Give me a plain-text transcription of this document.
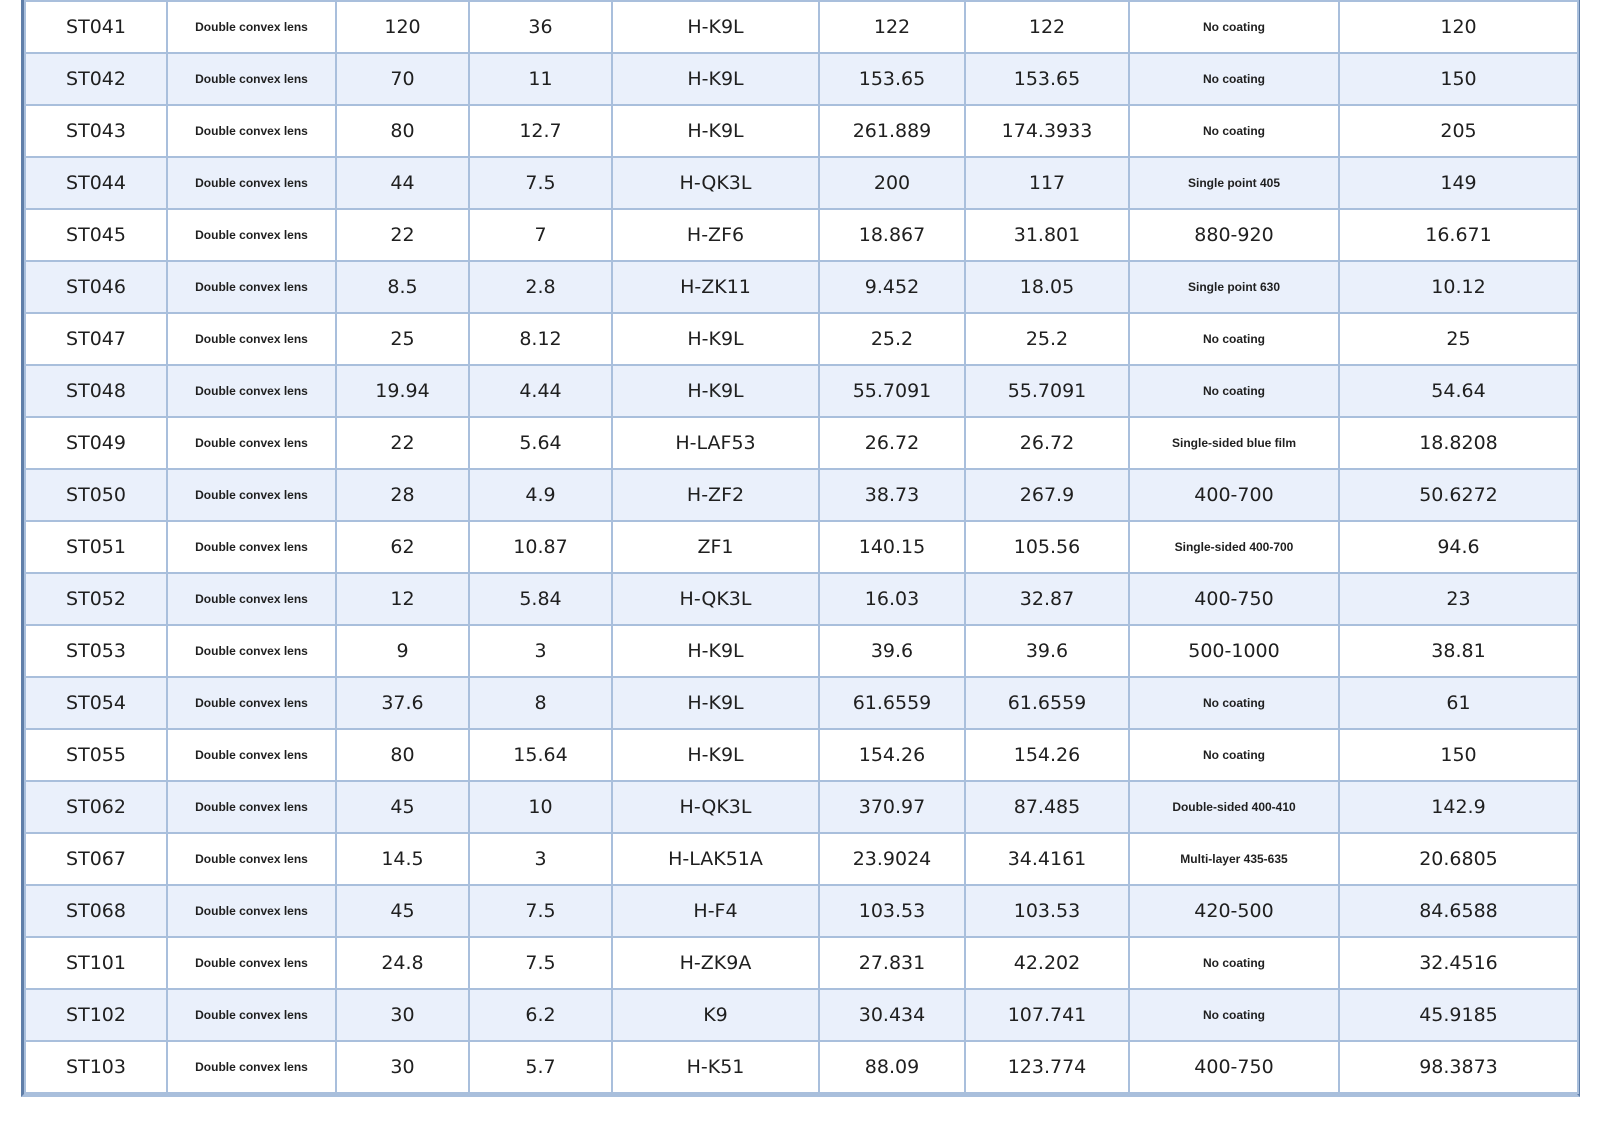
ST041	Double convex lens	120	36	H-K9L	122	122	No coating	120
ST042	Double convex lens	70	11	H-K9L	153.65	153.65	No coating	150
ST043	Double convex lens	80	12.7	H-K9L	261.889	174.3933	No coating	205
ST044	Double convex lens	44	7.5	H-QK3L	200	117	Single point 405	149
ST045	Double convex lens	22	7	H-ZF6	18.867	31.801	880-920	16.671
ST046	Double convex lens	8.5	2.8	H-ZK11	9.452	18.05	Single point 630	10.12
ST047	Double convex lens	25	8.12	H-K9L	25.2	25.2	No coating	25
ST048	Double convex lens	19.94	4.44	H-K9L	55.7091	55.7091	No coating	54.64
ST049	Double convex lens	22	5.64	H-LAF53	26.72	26.72	Single-sided blue film	18.8208
ST050	Double convex lens	28	4.9	H-ZF2	38.73	267.9	400-700	50.6272
ST051	Double convex lens	62	10.87	ZF1	140.15	105.56	Single-sided 400-700	94.6
ST052	Double convex lens	12	5.84	H-QK3L	16.03	32.87	400-750	23
ST053	Double convex lens	9	3	H-K9L	39.6	39.6	500-1000	38.81
ST054	Double convex lens	37.6	8	H-K9L	61.6559	61.6559	No coating	61
ST055	Double convex lens	80	15.64	H-K9L	154.26	154.26	No coating	150
ST062	Double convex lens	45	10	H-QK3L	370.97	87.485	Double-sided 400-410	142.9
ST067	Double convex lens	14.5	3	H-LAK51A	23.9024	34.4161	Multi-layer 435-635	20.6805
ST068	Double convex lens	45	7.5	H-F4	103.53	103.53	420-500	84.6588
ST101	Double convex lens	24.8	7.5	H-ZK9A	27.831	42.202	No coating	32.4516
ST102	Double convex lens	30	6.2	K9	30.434	107.741	No coating	45.9185
ST103	Double convex lens	30	5.7	H-K51	88.09	123.774	400-750	98.3873
